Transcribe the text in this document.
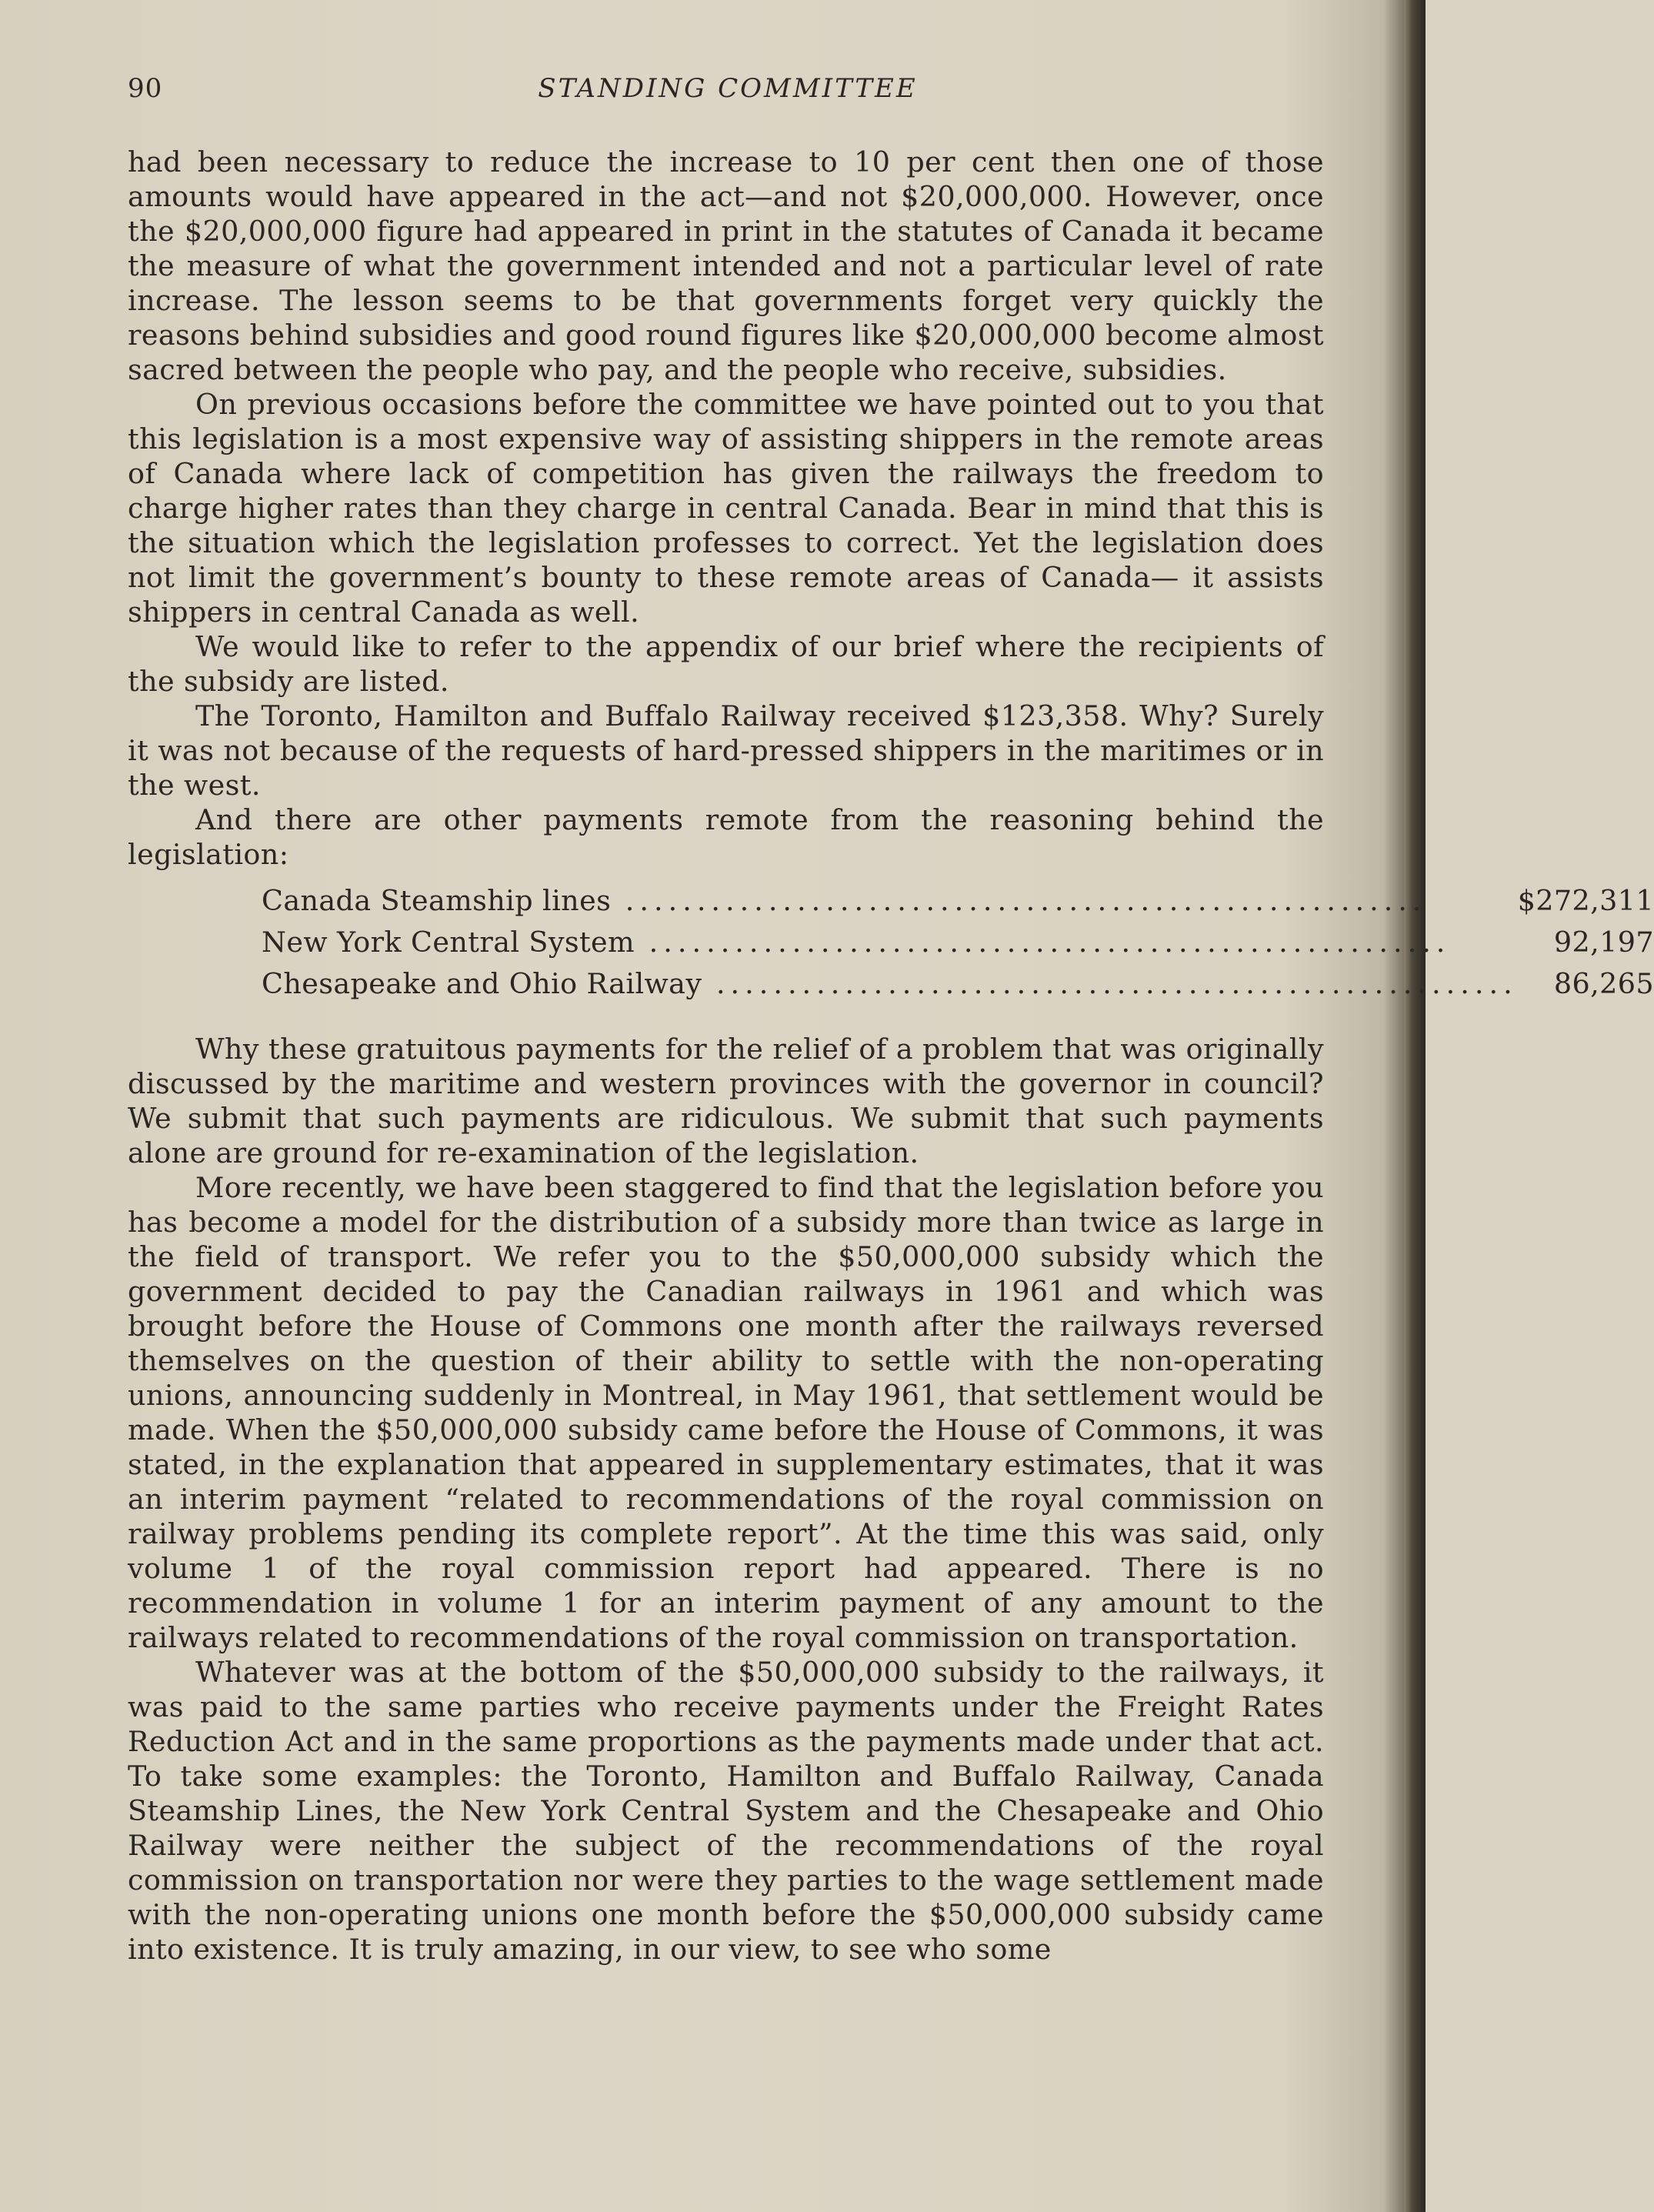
90	STANDING COMMITTEE

had been necessary to reduce the increase to 10 per cent then one of those amounts would have appeared in the act—and not $20,000,000. However, once the $20,000,000 figure had appeared in print in the statutes of Canada it became the measure of what the government intended and not a particular level of rate increase. The lesson seems to be that governments forget very quickly the reasons behind subsidies and good round figures like $20,000,000 become almost sacred between the people who pay, and the people who receive, subsidies.

On previous occasions before the committee we have pointed out to you that this legislation is a most expensive way of assisting shippers in the remote areas of Canada where lack of competition has given the railways the freedom to charge higher rates than they charge in central Canada. Bear in mind that this is the situation which the legislation professes to correct. Yet the legislation does not limit the government’s bounty to these remote areas of Canada— it assists shippers in central Canada as well.

We would like to refer to the appendix of our brief where the recipients of the subsidy are listed.

The Toronto, Hamilton and Buffalo Railway received $123,358. Why? Surely it was not because of the requests of hard-pressed shippers in the maritimes or in the west.

And there are other payments remote from the reasoning behind the legislation:

Canada Steamship lines ........................................................	$272,311
New York Central System ........................................................	92,197
Chesapeake and Ohio Railway ........................................................	86,265

Why these gratuitous payments for the relief of a problem that was originally discussed by the maritime and western provinces with the governor in council? We submit that such payments are ridiculous. We submit that such payments alone are ground for re-examination of the legislation.

More recently, we have been staggered to find that the legislation before you has become a model for the distribution of a subsidy more than twice as large in the field of transport. We refer you to the $50,000,000 subsidy which the government decided to pay the Canadian railways in 1961 and which was brought before the House of Commons one month after the railways reversed themselves on the question of their ability to settle with the non-operating unions, announcing suddenly in Montreal, in May 1961, that settlement would be made. When the $50,000,000 subsidy came before the House of Commons, it was stated, in the explanation that appeared in supplementary estimates, that it was an interim payment “related to recommendations of the royal commission on railway problems pending its complete report”. At the time this was said, only volume 1 of the royal commission report had appeared. There is no recommendation in volume 1 for an interim payment of any amount to the railways related to recommendations of the royal commission on transportation.

Whatever was at the bottom of the $50,000,000 subsidy to the railways, it was paid to the same parties who receive payments under the Freight Rates Reduction Act and in the same proportions as the payments made under that act. To take some examples: the Toronto, Hamilton and Buffalo Railway, Canada Steamship Lines, the New York Central System and the Chesapeake and Ohio Railway were neither the subject of the recommendations of the royal commission on transportation nor were they parties to the wage settlement made with the non-operating unions one month before the $50,000,000 subsidy came into existence. It is truly amazing, in our view, to see who some
